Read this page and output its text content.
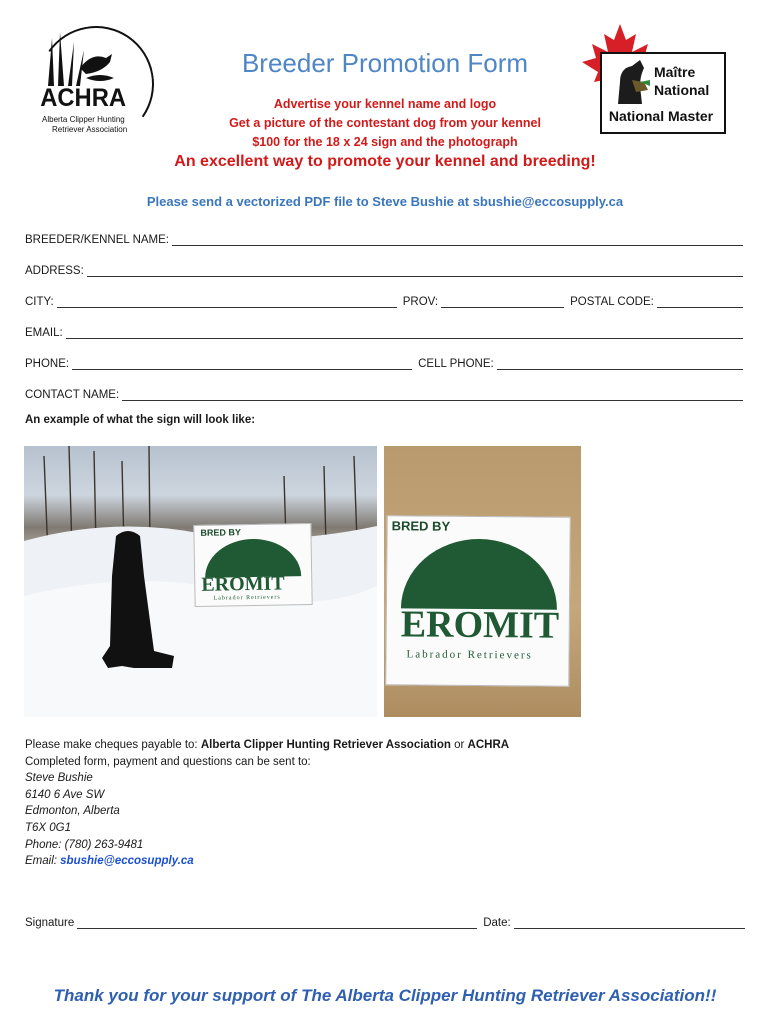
ACHRA
Alberta Clipper Hunting
Retriever Association
Maître
National
National Master
Breeder Promotion Form
Advertise your kennel name and logo
Get a picture of the contestant dog from your kennel
$100 for the 18 x 24 sign and the photograph
An excellent way to promote your kennel and breeding!
Please send a vectorized PDF file to Steve Bushie at sbushie@eccosupply.ca
BREEDER/KENNEL NAME:
ADDRESS:
CITY:	PROV:	POSTAL CODE:
EMAIL:
PHONE:	CELL PHONE:
CONTACT NAME:
An example of what the sign will look like:
BRED BY
EROMIT
Labrador Retrievers
BRED BY
EROMIT
Labrador Retrievers
Please make cheques payable to: Alberta Clipper Hunting Retriever Association or ACHRA
Completed form, payment and questions can be sent to:
Steve Bushie
6140 6 Ave SW
Edmonton, Alberta
T6X 0G1
Phone: (780) 263-9481
Email: sbushie@eccosupply.ca
Signature	Date:
Thank you for your support of The Alberta Clipper Hunting Retriever Association!!
